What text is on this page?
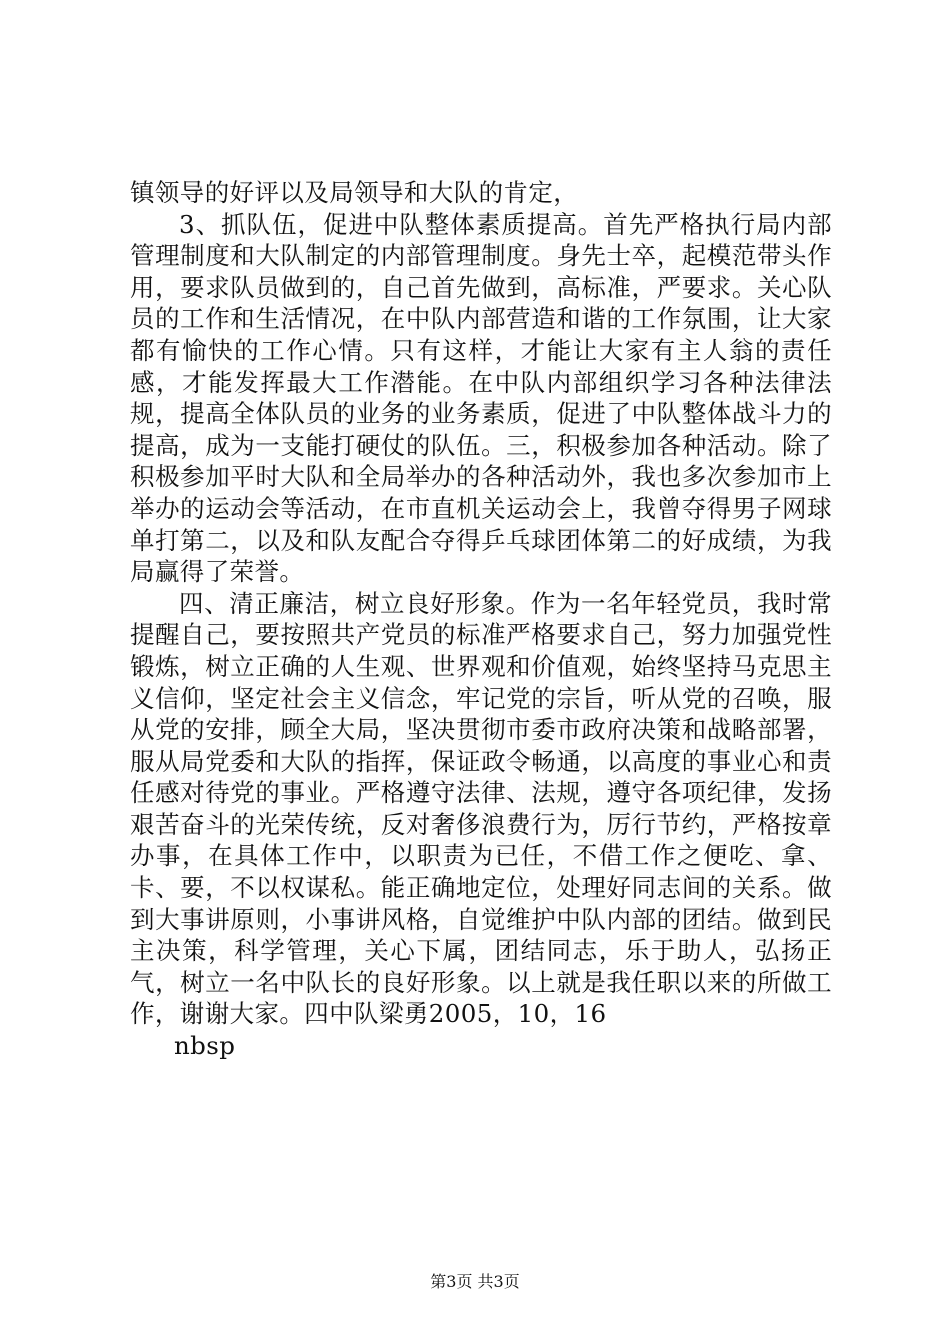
镇领导的好评以及局领导和大队的肯定，

3、抓队伍，促进中队整体素质提高。首先严格执行局内部管理制度和大队制定的内部管理制度。身先士卒，起模范带头作用，要求队员做到的，自己首先做到，高标准，严要求。关心队员的工作和生活情况，在中队内部营造和谐的工作氛围，让大家都有愉快的工作心情。只有这样，才能让大家有主人翁的责任感，才能发挥最大工作潜能。在中队内部组织学习各种法律法规，提高全体队员的业务的业务素质，促进了中队整体战斗力的提高，成为一支能打硬仗的队伍。三，积极参加各种活动。除了积极参加平时大队和全局举办的各种活动外，我也多次参加市上举办的运动会等活动，在市直机关运动会上，我曾夺得男子网球单打第二，以及和队友配合夺得乒乓球团体第二的好成绩，为我局赢得了荣誉。

四、清正廉洁，树立良好形象。作为一名年轻党员，我时常提醒自己，要按照共产党员的标准严格要求自己，努力加强党性锻炼，树立正确的人生观、世界观和价值观，始终坚持马克思主义信仰，坚定社会主义信念，牢记党的宗旨，听从党的召唤，服从党的安排，顾全大局，坚决贯彻市委市政府决策和战略部署，服从局党委和大队的指挥，保证政令畅通，以高度的事业心和责任感对待党的事业。严格遵守法律、法规，遵守各项纪律，发扬艰苦奋斗的光荣传统，反对奢侈浪费行为，厉行节约，严格按章办事，在具体工作中，以职责为已任，不借工作之便吃、拿、卡、要，不以权谋私。能正确地定位，处理好同志间的关系。做到大事讲原则，小事讲风格，自觉维护中队内部的团结。做到民主决策，科学管理，关心下属，团结同志，乐于助人，弘扬正气，树立一名中队长的良好形象。以上就是我任职以来的所做工作，谢谢大家。四中队梁勇2005，10，16

nbsp

第3页 共3页
